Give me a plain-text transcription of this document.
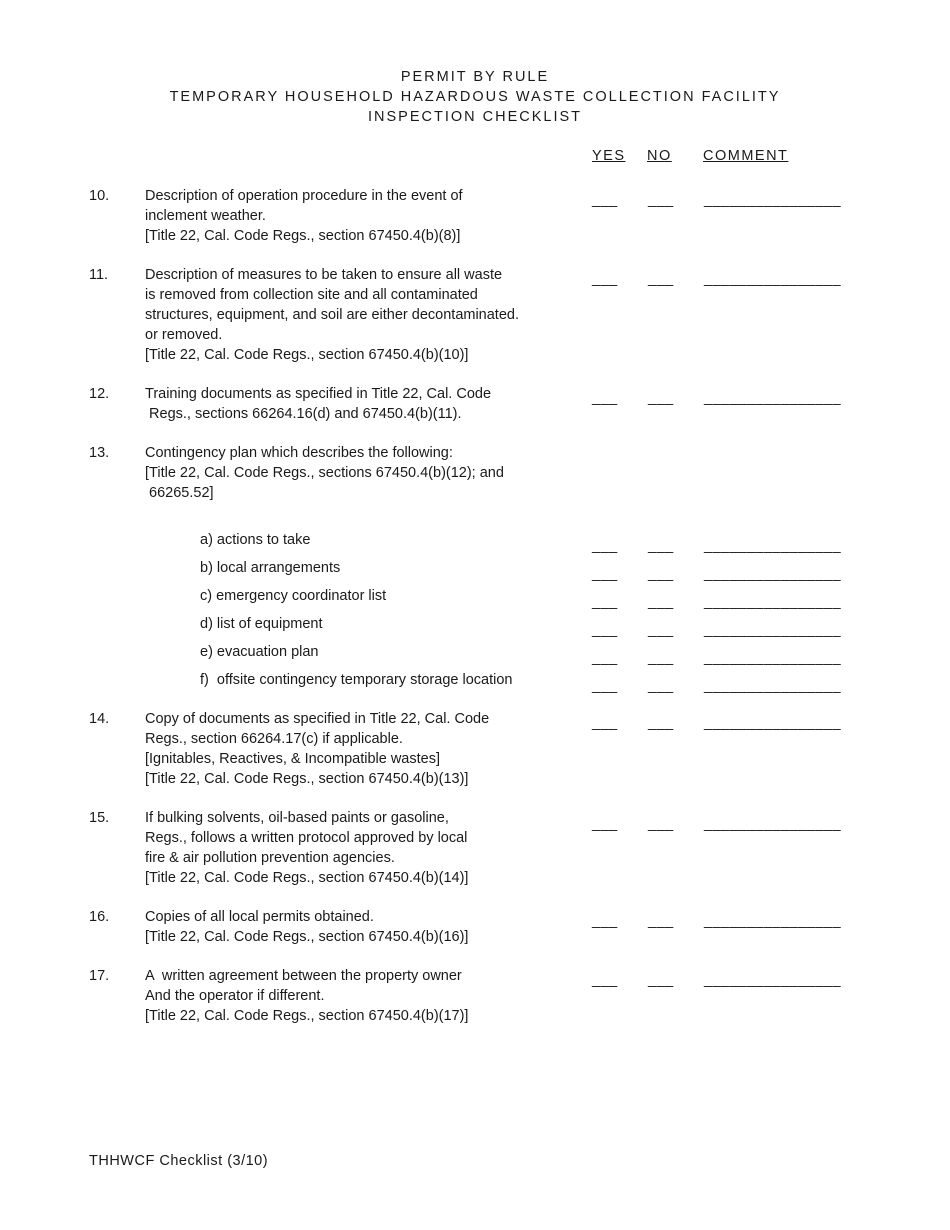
PERMIT BY RULE
TEMPORARY HOUSEHOLD HAZARDOUS WASTE COLLECTION FACILITY
INSPECTION CHECKLIST
YES NO COMMENT
10. Description of operation procedure in the event of
inclement weather.
[Title 22, Cal. Code Regs., section 67450.4(b)(8)]
___ ___ ________________
11.	Description of measures to be taken to ensure all waste
is removed from collection site and all contaminated
structures, equipment, and soil are either decontaminated.
or removed.
[Title 22, Cal. Code Regs., section 67450.4(b)(10)]
___ ___ ________________
12. Training documents as specified in Title 22, Cal. Code
Regs., sections 66264.16(d) and 67450.4(b)(11).
___ ___ ________________
13. Contingency plan which describes the following:
[Title 22, Cal. Code Regs., sections 67450.4(b)(12); and
66265.52]
a) actions to take	___ ___ ________________
b) local arrangements	___ ___ ________________
c) emergency coordinator list	___ ___ ________________
d) list of equipment	___ ___ ________________
e) evacuation plan	___ ___ ________________
f)  offsite contingency temporary storage location	___ ___ ________________
14. Copy of documents as specified in Title 22, Cal. Code
Regs., section 66264.17(c) if applicable.
[Ignitables, Reactives, & Incompatible wastes]
[Title 22, Cal. Code Regs., section 67450.4(b)(13)]
___ ___ ________________
15. If bulking solvents, oil-based paints or gasoline,
Regs., follows a written protocol approved by local
fire & air pollution prevention agencies.
[Title 22, Cal. Code Regs., section 67450.4(b)(14)]
___ ___ ________________
16. Copies of all local permits obtained.
[Title 22, Cal. Code Regs., section 67450.4(b)(16)]
___ ___ ________________
17. A  written agreement between the property owner
And the operator if different.
[Title 22, Cal. Code Regs., section 67450.4(b)(17)]
___ ___ ________________
THHWCF Checklist (3/10)
